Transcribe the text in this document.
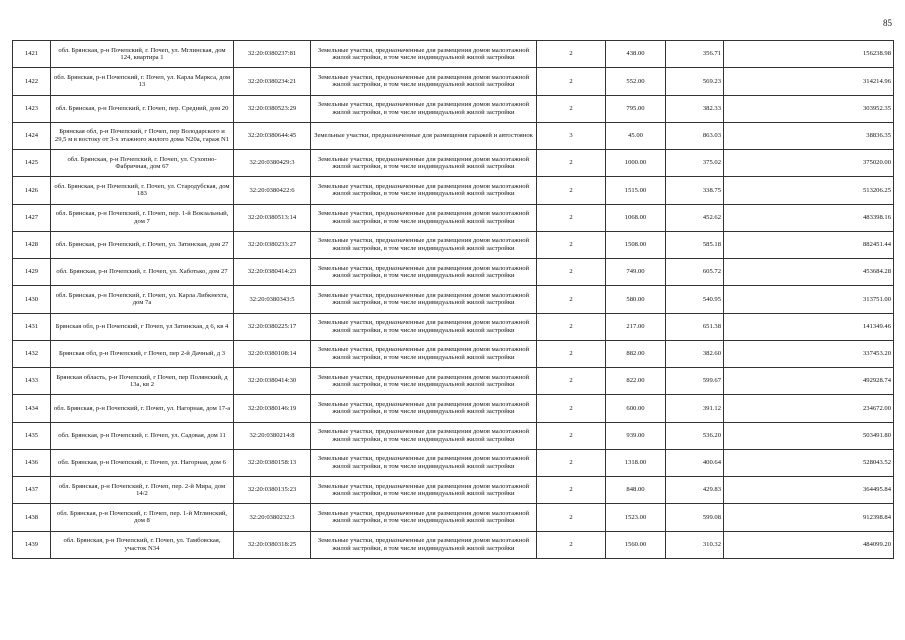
85
1421	обл. Брянская, р-н Почепский, г. Почеп, ул. Мглинская, дом 124, квартира 1	32:20:0380237:81	Земельные участки, предназначенные для размещения домов малоэтажной жилой застройки, в том числе индивидуальной жилой застройки	2	438.00	356.71	156238.98
1422	обл. Брянская, р-н Почепский, г. Почеп, ул. Карла Маркса, дом 13	32:20:0380234:21	Земельные участки, предназначенные для размещения домов малоэтажной жилой застройки, в том числе индивидуальной жилой застройки	2	552.00	569.23	314214.96
1423	обл. Брянская, р-н Почепский, г. Почеп, пер. Средний, дом 20	32:20:0380523:29	Земельные участки, предназначенные для размещения домов малоэтажной жилой застройки, в том числе индивидуальной жилой застройки	2	795.00	382.33	303952.35
1424	Брянская обл, р-н Почепский, г Почеп, пер Володарского и 29,5 м в востоку от 3-х этажного жилого дома N20а, гараж N1	32:20:0380644:45	Земельные участки, предназначенные для размещения гаражей и автостоянок	3	45.00	863.03	38836.35
1425	обл. Брянская, р-н Почепский, г. Почеп, ул. Сухопно-Фабричная, дом 67	32:20:0380429:3	Земельные участки, предназначенные для размещения домов малоэтажной жилой застройки, в том числе индивидуальной жилой застройки	2	1000.00	375.02	375020.00
1426	обл. Брянская, р-н Почепский, г. Почеп, ул. Стародубская, дом 183	32:20:0380422:6	Земельные участки, предназначенные для размещения домов малоэтажной жилой застройки, в том числе индивидуальной жилой застройки	2	1515.00	338.75	513206.25
1427	обл. Брянская, р-н Почепский, г. Почеп, пер. 1-й Вокзальный, дом 7	32:20:0380513:14	Земельные участки, предназначенные для размещения домов малоэтажной жилой застройки, в том числе индивидуальной жилой застройки	2	1068.00	452.62	483398.16
1428	обл. Брянская, р-н Почепский, г. Почеп, ул. Затинская, дом 27	32:20:0380233:27	Земельные участки, предназначенные для размещения домов малоэтажной жилой застройки, в том числе индивидуальной жилой застройки	2	1508.00	585.18	882451.44
1429	обл. Брянская, р-н Почепский, г. Почеп, ул. Хаботько, дом 27	32:20:0380414:23	Земельные участки, предназначенные для размещения домов малоэтажной жилой застройки, в том числе индивидуальной жилой застройки	2	749.00	605.72	453684.28
1430	обл. Брянская, р-н Почепский, г. Почеп, ул. Карла Либкнехта, дом 7а	32:20:0380343:5	Земельные участки, предназначенные для размещения домов малоэтажной жилой застройки, в том числе индивидуальной жилой застройки	2	580.00	540.95	313751.00
1431	Брянская обл, р-н Почепский, г Почеп, ул Затинская, д 6, кв 4	32:20:0380225:17	Земельные участки, предназначенные для размещения домов малоэтажной жилой застройки, в том числе индивидуальной жилой застройки	2	217.00	651.38	141349.46
1432	Брянская обл, р-н Почепский, г Почеп, пер 2-й Дачный, д 3	32:20:0380108:14	Земельные участки, предназначенные для размещения домов малоэтажной жилой застройки, в том числе индивидуальной жилой застройки	2	882.00	382.60	337453.20
1433	Брянская область, р-н Почепский, г Почеп, пер Полянский, д 13а, кв 2	32:20:0380414:30	Земельные участки, предназначенные для размещения домов малоэтажной жилой застройки, в том числе индивидуальной жилой застройки	2	822.00	599.67	492928.74
1434	обл. Брянская, р-н Почепский, г. Почеп, ул. Нагорная, дом 17-а	32:20:0380146:19	Земельные участки, предназначенные для размещения домов малоэтажной жилой застройки, в том числе индивидуальной жилой застройки	2	600.00	391.12	234672.00
1435	обл. Брянская, р-н Почепский, г. Почеп, ул. Садовая, дом 11	32:20:0380214:8	Земельные участки, предназначенные для размещения домов малоэтажной жилой застройки, в том числе индивидуальной жилой застройки	2	939.00	536.20	503491.80
1436	обл. Брянская, р-н Почепский, г. Почеп, ул. Нагорная, дом 6	32:20:0380158:13	Земельные участки, предназначенные для размещения домов малоэтажной жилой застройки, в том числе индивидуальной жилой застройки	2	1318.00	400.64	528043.52
1437	обл. Брянская, р-н Почепский, г. Почеп, пер. 2-й Мира, дом 14/2	32:20:0380135:23	Земельные участки, предназначенные для размещения домов малоэтажной жилой застройки, в том числе индивидуальной жилой застройки	2	848.00	429.83	364495.84
1438	обл. Брянская, р-н Почепский, г. Почеп, пер. 1-й Мглинский, дом 8	32:20:0380232:3	Земельные участки, предназначенные для размещения домов малоэтажной жилой застройки, в том числе индивидуальной жилой застройки	2	1523.00	599.08	912398.84
1439	обл. Брянская, р-н Почепский, г. Почеп, ул. Тамбовская, участок N34	32:20:0380318:25	Земельные участки, предназначенные для размещения домов малоэтажной жилой застройки, в том числе индивидуальной жилой застройки	2	1560.00	310.32	484099.20
